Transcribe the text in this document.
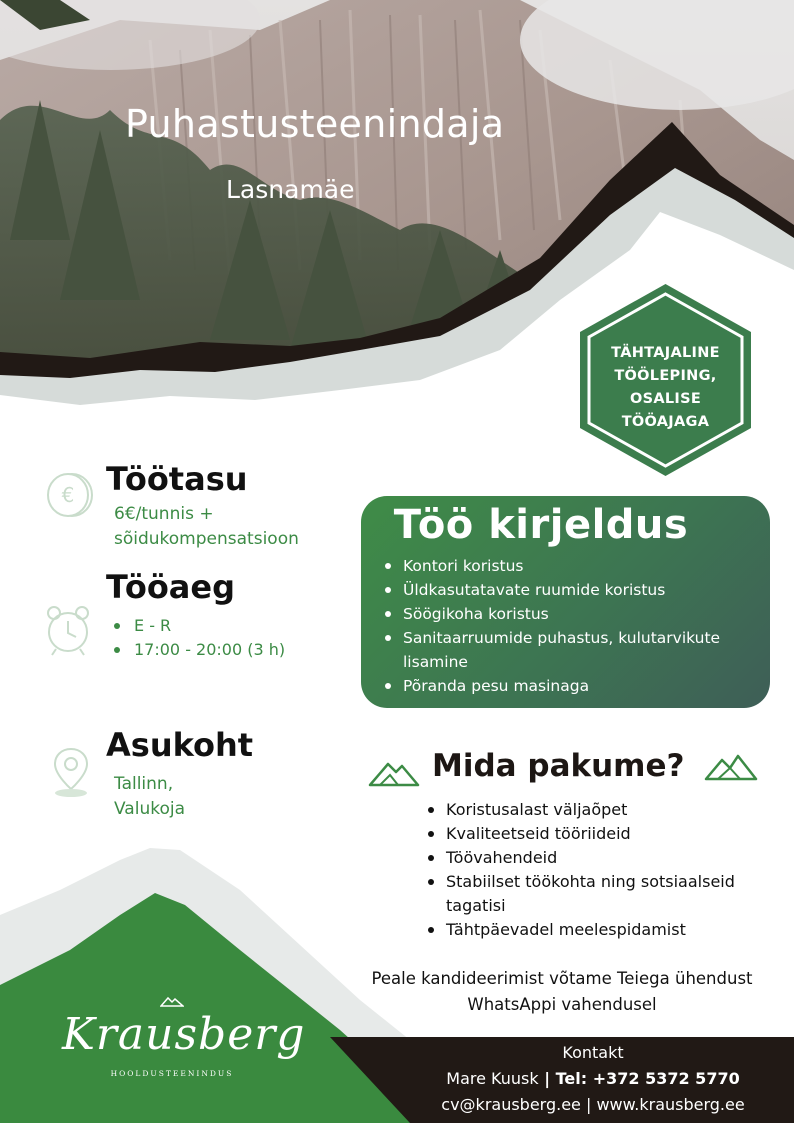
Puhastusteenindaja
Lasnamäe
TÄHTAJALINE
TÖÖLEPING,
OSALISE
TÖÖAJAGA
€ Töötasu
6€/tunnis +
sõidukompensatsioon
Tööaeg
E - R
17:00 - 20:00 (3 h)
Asukoht
Tallinn,
Valukoja
Töö kirjeldus
Kontori koristus
Üldkasutatavate ruumide koristus
Söögikoha koristus
Sanitaarruumide puhastus, kulutarvikute lisamine
Põranda pesu masinaga
Mida pakume?
Koristusalast väljaõpet
Kvaliteetseid tööriideid
Töövahendeid
Stabiilset töökohta ning sotsiaalseid tagatisi
Tähtpäevadel meelespidamist
Peale kandideerimist võtame Teiega ühendust
WhatsAppi vahendusel
Krausberg
HOOLDUSTEENINDUS
Kontakt
Mare Kuusk | Tel: +372 5372 5770
cv@krausberg.ee | www.krausberg.ee
